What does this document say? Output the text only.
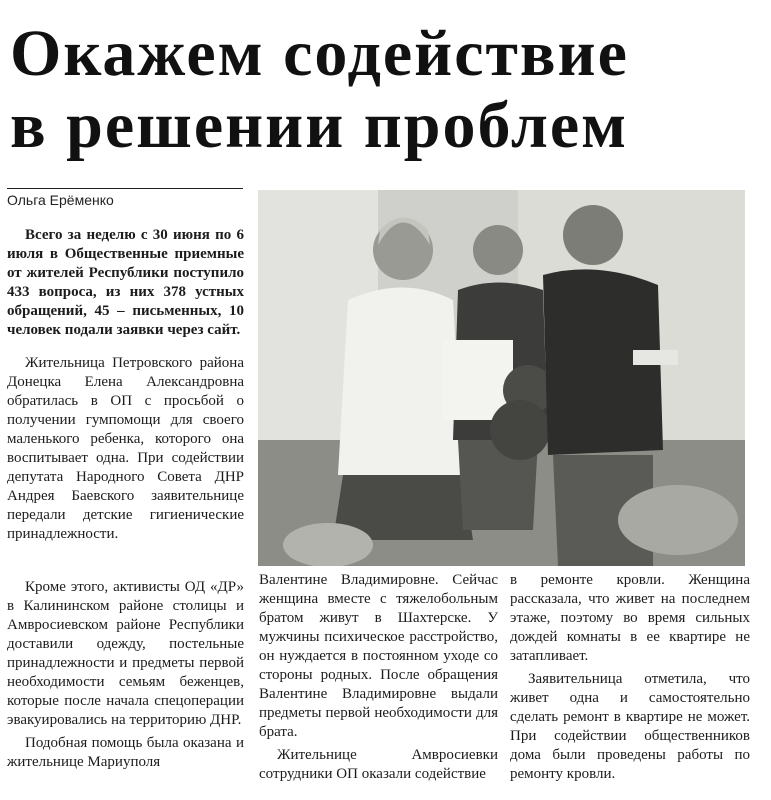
Окажем содействие
в решении проблем
Ольга Ерёменко

Всего за неделю с 30 июня по 6 июля в Общественные приемные от жителей Республики поступило 433 вопроса, из них 378 устных обращений, 45 – письменных, 10 человек подали заявки через сайт.

Жительница Петровского района Донецка Елена Александровна обратилась в ОП с просьбой о получении гумпомощи для своего маленького ребенка, которого она воспитывает одна. При содействии депутата Народного Совета ДНР Андрея Баевского заявительнице передали детские гигиенические принадлежности.

Кроме этого, активисты ОД «ДР» в Калининском районе столицы и Амвросиевском районе Республики доставили одежду, постельные принадлежности и предметы первой необходимости семьям беженцев, которые после начала спецоперации эвакуировались на территорию ДНР.

Подобная помощь была оказана и жительнице Мариуполя

Валентине Владимировне. Сейчас женщина вместе с тяжелобольным братом живут в Шахтерске. У мужчины психическое расстройство, он нуждается в постоянном уходе со стороны родных. После обращения Валентине Владимировне выдали предметы первой необходимости для брата.

Жительнице Амвросиевки сотрудники ОП оказали содействие

в ремонте кровли. Женщина рассказала, что живет на последнем этаже, поэтому во время сильных дождей комнаты в ее квартире не затапливает.

Заявительница отметила, что живет одна и самостоятельно сделать ремонт в квартире не может. При содействии общественников дома были проведены работы по ремонту кровли.
